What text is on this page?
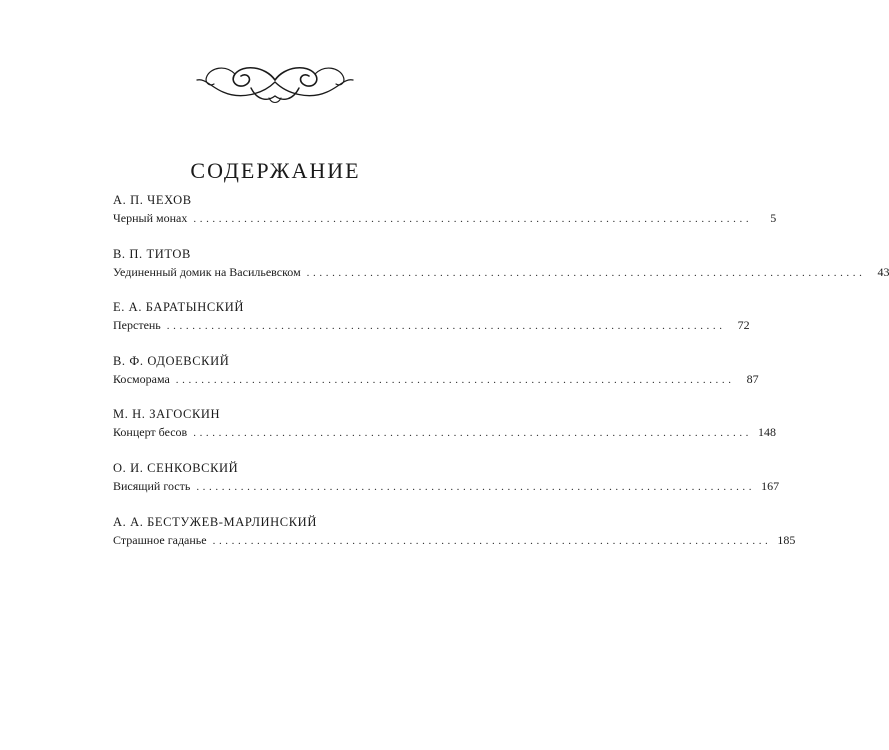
СОДЕРЖАНИЕ
А. П. ЧЕХОВ
Черный монах ........................................................................................	5
В. П. ТИТОВ
Уединенный домик на Васильевском ........................................................................................	43
Е. А. БАРАТЫНСКИЙ
Перстень ........................................................................................	72
В. Ф. ОДОЕВСКИЙ
Косморама ........................................................................................	87
М. Н. ЗАГОСКИН
Концерт бесов ........................................................................................ 148
О. И. СЕНКОВСКИЙ
Висящий гость ........................................................................................ 167
А. А. БЕСТУЖЕВ-МАРЛИНСКИЙ
Страшное гаданье ........................................................................................ 185
